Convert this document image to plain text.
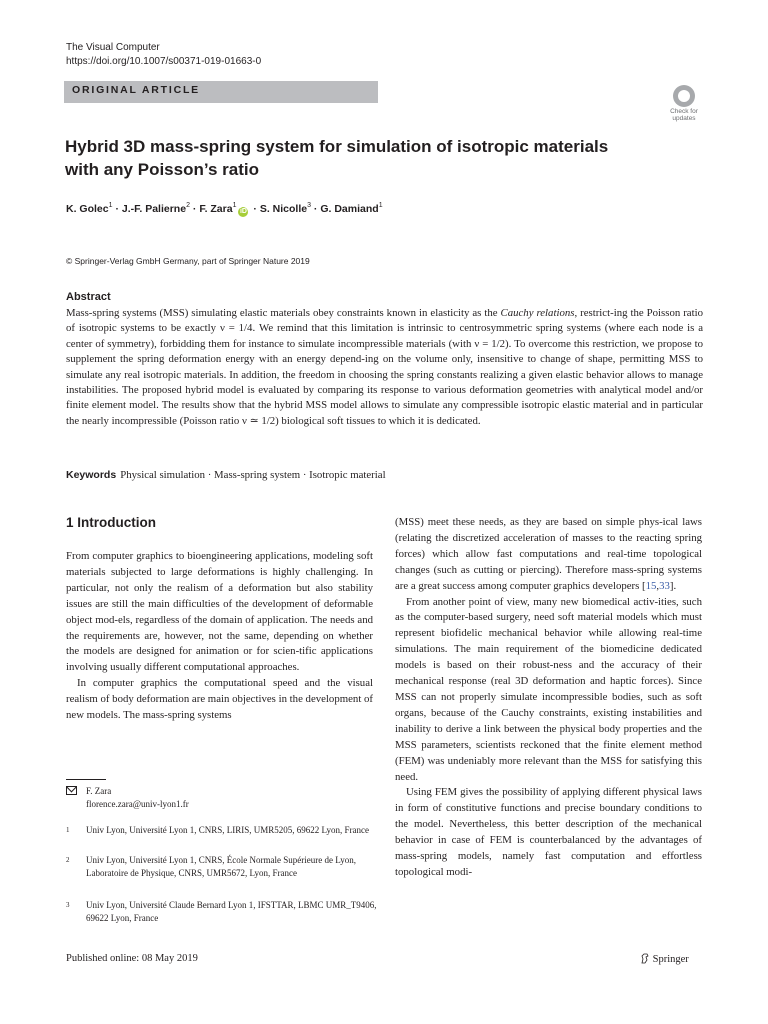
The Visual Computer
https://doi.org/10.1007/s00371-019-01663-0
ORIGINAL ARTICLE
Check for
updates
Hybrid 3D mass-spring system for simulation of isotropic materials
with any Poisson’s ratio
K. Golec$^1$ · J.-F. Palierne$^2$ · F. Zara$^1$iD · S. Nicolle$^3$ · G. Damiand$^1$
© Springer-Verlag GmbH Germany, part of Springer Nature 2019
Abstract
Mass-spring systems (MSS) simulating elastic materials obey constraints known in elasticity as the Cauchy relations, restrict-ing the Poisson ratio of isotropic systems to be exactly ν = 1/4. We remind that this limitation is intrinsic to centrosymmetric spring systems (where each node is a center of symmetry), forbidding them for instance to simulate incompressible materials (with ν = 1/2). To overcome this restriction, we propose to supplement the spring deformation energy with an energy depend-ing on the volume only, insensitive to change of shape, permitting MSS to simulate any real isotropic materials. In addition, the freedom in choosing the spring constants realizing a given elastic behavior allows to manage instabilities. The proposed hybrid model is evaluated by comparing its response to various deformation geometries with analytical model and/or finite element model. The results show that the hybrid MSS model allows to simulate any compressible isotropic elastic material and in particular the nearly incompressible (Poisson ratio ν ≃ 1/2) biological soft tissues to which it is dedicated.
Keywords Physical simulation · Mass-spring system · Isotropic material
1 Introduction

From computer graphics to bioengineering applications, modeling soft materials subjected to large deformations is highly challenging. In particular, not only the realism of a deformation but also stability issues are still the main difficulties of the development of deformable object mod-els, regardless of the domain of application. The needs and the requirements are, however, not the same, depending on whether the models are designed for animation or for scien-tific applications involving usually different computational approaches.

In computer graphics the computational speed and the visual realism of body deformation are main objectives in the development of new models. The mass-spring systems

(MSS) meet these needs, as they are based on simple phys-ical laws (relating the discretized acceleration of masses to the reacting spring forces) which allow fast computations and real-time topological changes (such as cutting or piercing). Therefore mass-spring systems are a great success among computer graphics developers [15,33].

From another point of view, many new biomedical activ-ities, such as the computer-based surgery, need soft material models which must represent biofidelic mechanical behavior while allowing real-time simulations. The main requirement of the biomedicine dedicated models is based on their robust-ness and the accuracy of their mechanical response (real 3D deformation and haptic forces). Since MSS can not properly simulate incompressible bodies, such as soft organs, because of the Cauchy constraints, existing instabilities and inability to derive a link between the physical body properties and the MSS parameters, scientists reckoned that the finite element method (FEM) was undeniably more relevant than the MSS for satisfying this need.

Using FEM gives the possibility of applying different physical laws in form of constitutive functions and precise boundary conditions to the model. Nevertheless, this better description of the mechanical behavior in case of FEM is counterbalanced by the advantages of mass-spring models, namely fast computation and effortless topological modi-

F. Zara
florence.zara@univ-lyon1.fr
1 Univ Lyon, Université Lyon 1, CNRS, LIRIS, UMR5205, 69622 Lyon, France
2 Univ Lyon, Université Lyon 1, CNRS, École Normale Supérieure de Lyon, Laboratoire de Physique, CNRS, UMR5672, Lyon, France
3 Univ Lyon, Université Claude Bernard Lyon 1, IFSTTAR, LBMC UMR_T9406, 69622 Lyon, France
Published online: 08 May 2019	Springer
